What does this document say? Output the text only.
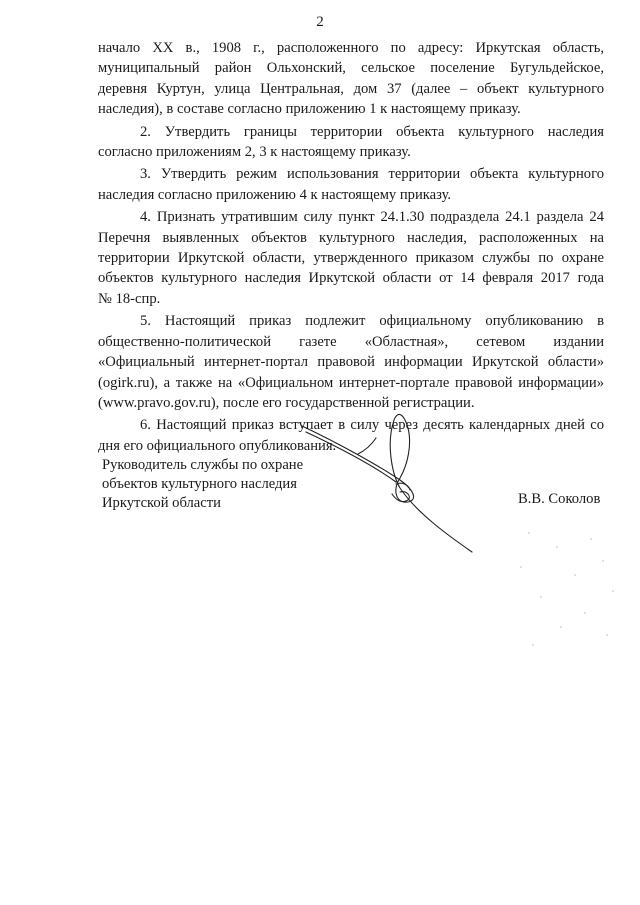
2

начало XX в., 1908 г., расположенного по адресу: Иркутская область,
муниципальный район Ольхонский, сельское поселение Бугульдейское,
деревня Куртун, улица Центральная, дом 37 (далее – объект культурного
наследия), в составе согласно приложению 1 к настоящему приказу.

2. Утвердить границы территории объекта культурного наследия
согласно приложениям 2, 3 к настоящему приказу.

3. Утвердить режим использования территории объекта культурного
наследия согласно приложению 4 к настоящему приказу.

4. Признать утратившим силу пункт 24.1.30 подраздела 24.1 раздела 24
Перечня выявленных объектов культурного наследия, расположенных на
территории Иркутской области, утвержденного приказом службы по охране
объектов культурного наследия Иркутской области от 14 февраля 2017 года
№ 18-спр.

5. Настоящий приказ подлежит официальному опубликованию в
общественно-политической газете «Областная», сетевом издании
«Официальный интернет-портал правовой информации Иркутской области»
(ogirk.ru), а также на «Официальном интернет-портале правовой информации»
(www.pravo.gov.ru), после его государственной регистрации.

6. Настоящий приказ вступает в силу через десять календарных дней со
дня его официального опубликования.

Руководитель службы по охране
объектов культурного наследия
Иркутской области	В.В. Соколов
